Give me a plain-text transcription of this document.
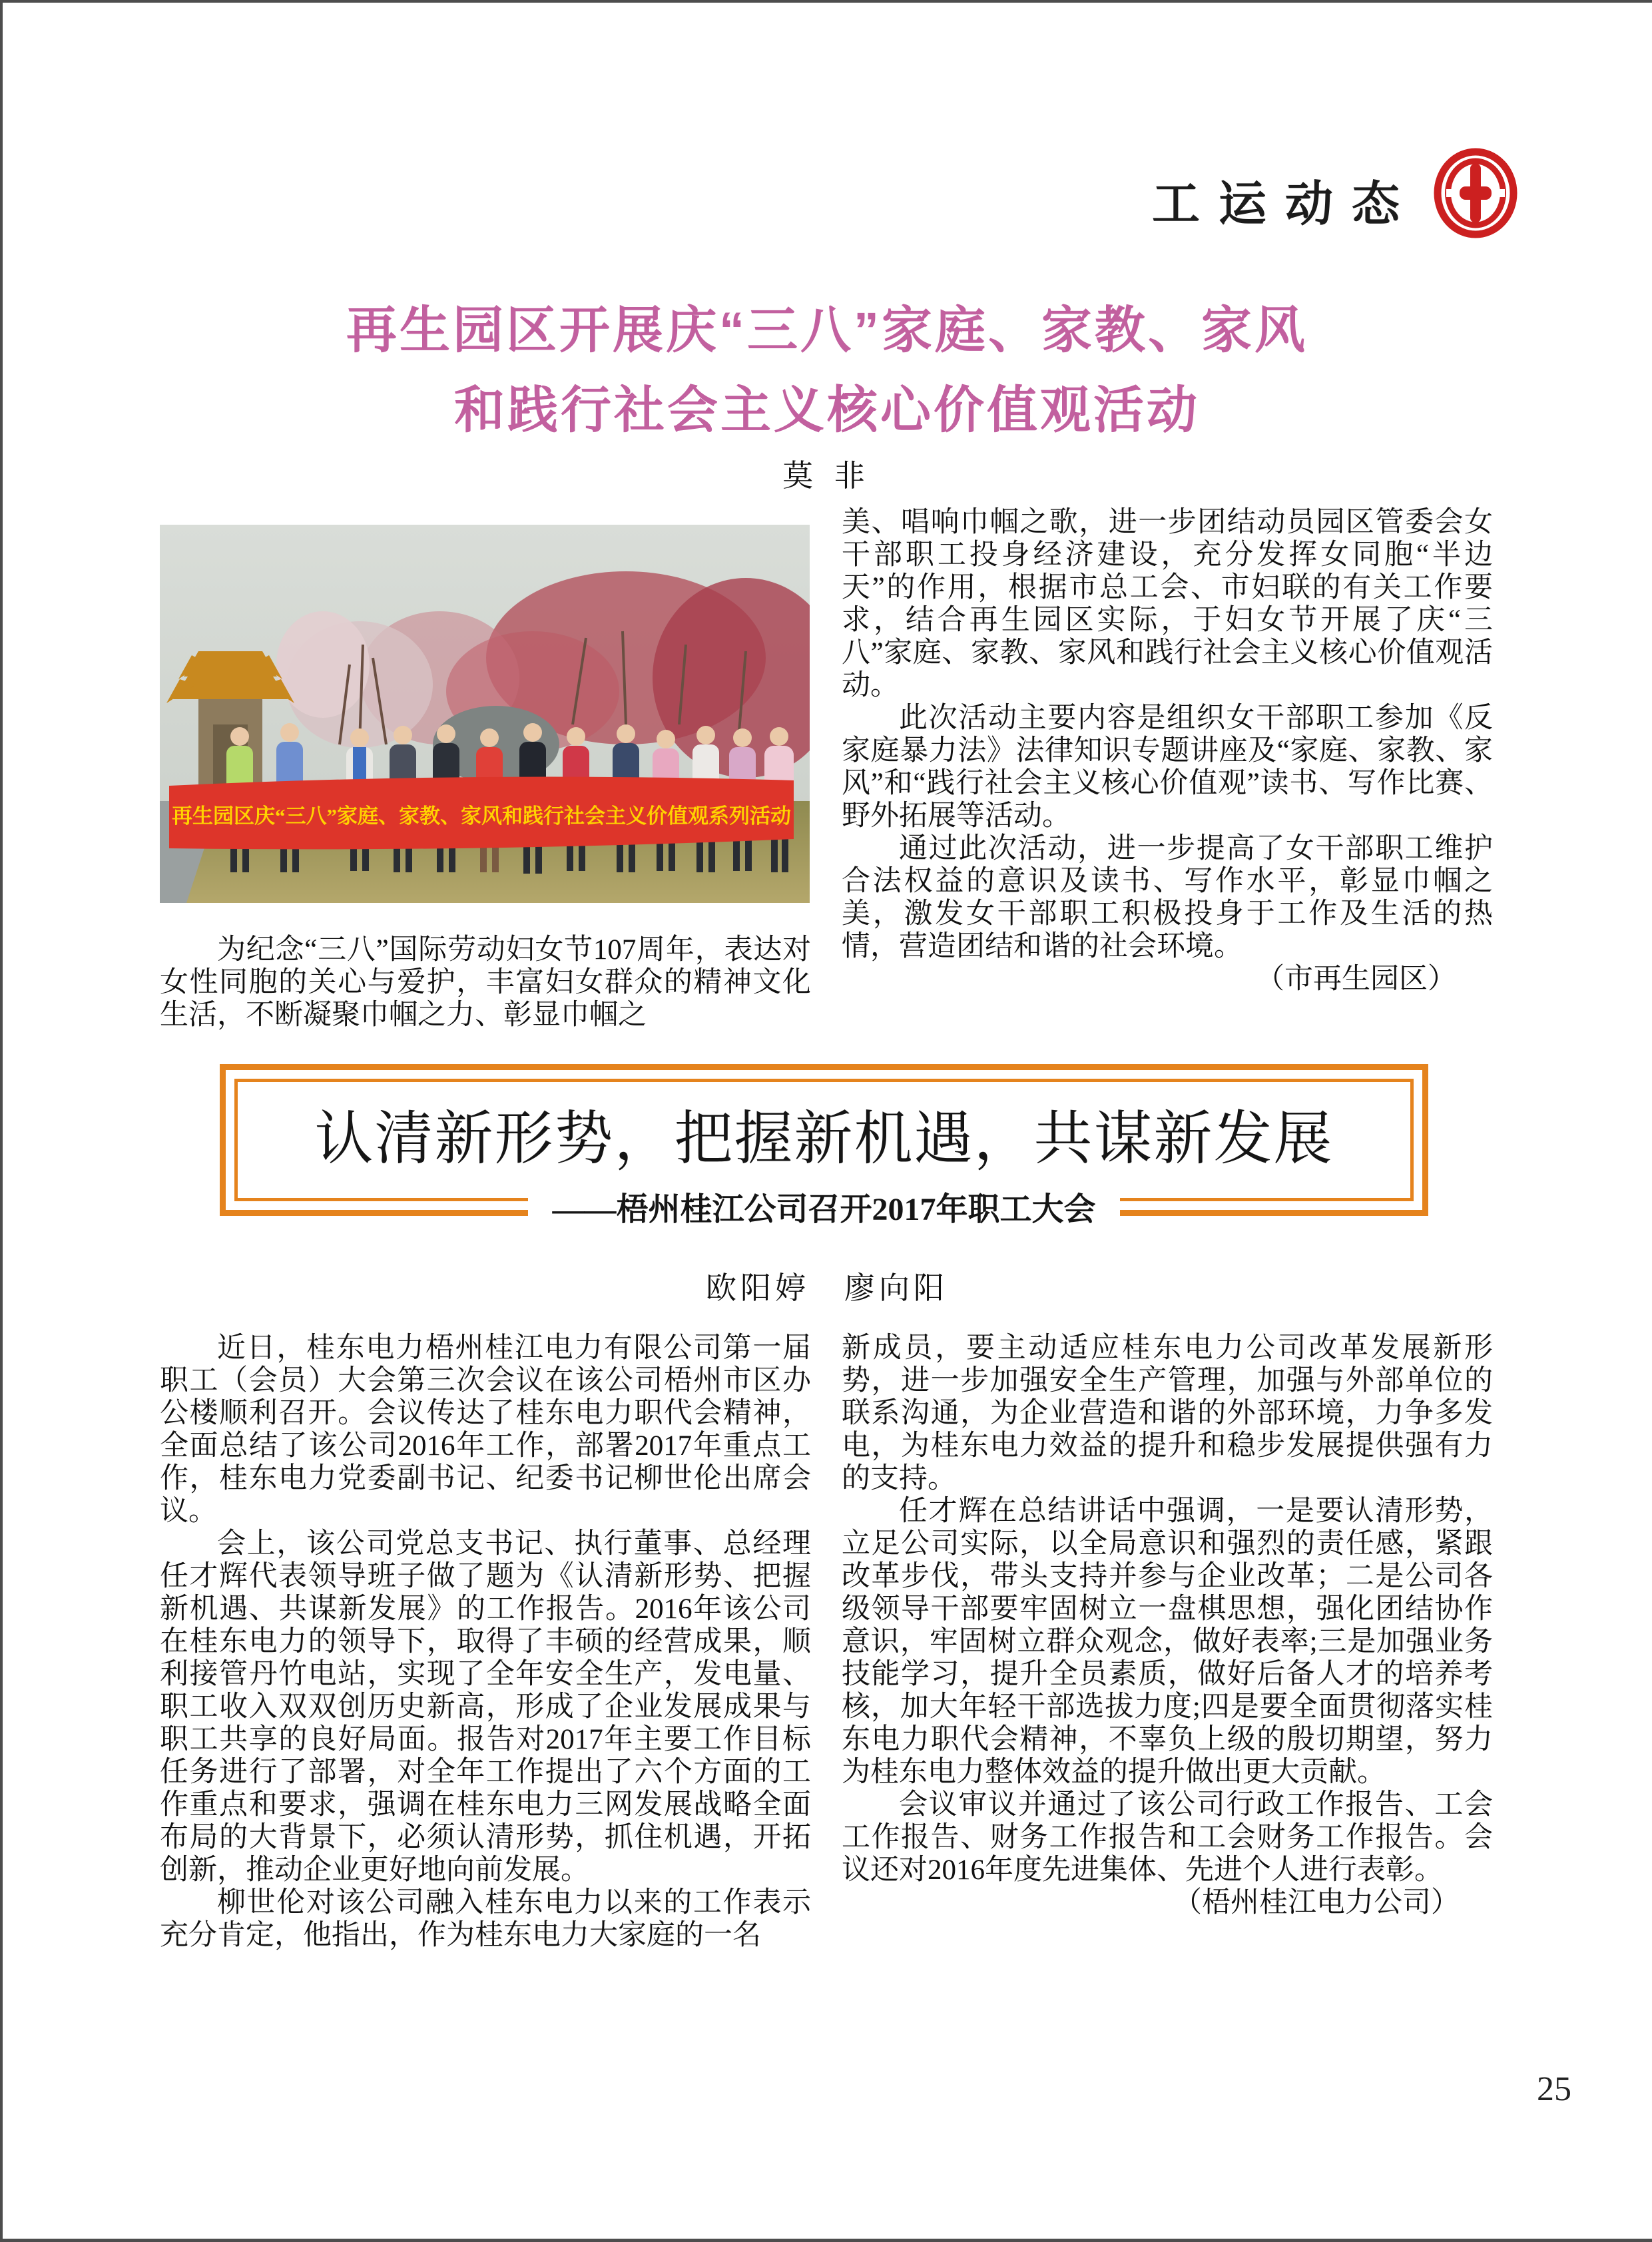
工运动态
再生园区开展庆“三八”家庭、家教、家风
和践行社会主义核心价值观活动
莫 非
再生园区庆“三八”家庭、家教、家风和践行社会主义价值观系列活动

为纪念“三八”国际劳动妇女节107周年，表达对女性同胞的关心与爱护，丰富妇女群众的精神文化生活，不断凝聚巾帼之力、彰显巾帼之

美、唱响巾帼之歌，进一步团结动员园区管委会女干部职工投身经济建设，充分发挥女同胞“半边天”的作用，根据市总工会、市妇联的有关工作要求，结合再生园区实际，于妇女节开展了庆“三八”家庭、家教、家风和践行社会主义核心价值观活动。

此次活动主要内容是组织女干部职工参加《反家庭暴力法》法律知识专题讲座及“家庭、家教、家风”和“践行社会主义核心价值观”读书、写作比赛、野外拓展等活动。

通过此次活动，进一步提高了女干部职工维护合法权益的意识及读书、写作水平，彰显巾帼之美，激发女干部职工积极投身于工作及生活的热情，营造团结和谐的社会环境。

（市再生园区）

认清新形势，把握新机遇，共谋新发展
——梧州桂江公司召开2017年职工大会
欧阳婷　廖向阳

近日，桂东电力梧州桂江电力有限公司第一届职工（会员）大会第三次会议在该公司梧州市区办公楼顺利召开。会议传达了桂东电力职代会精神，全面总结了该公司2016年工作，部署2017年重点工作，桂东电力党委副书记、纪委书记柳世伦出席会议。

会上，该公司党总支书记、执行董事、总经理任才辉代表领导班子做了题为《认清新形势、把握新机遇、共谋新发展》的工作报告。2016年该公司在桂东电力的领导下，取得了丰硕的经营成果，顺利接管丹竹电站，实现了全年安全生产，发电量、职工收入双双创历史新高，形成了企业发展成果与职工共享的良好局面。报告对2017年主要工作目标任务进行了部署，对全年工作提出了六个方面的工作重点和要求，强调在桂东电力三网发展战略全面布局的大背景下，必须认清形势，抓住机遇，开拓创新，推动企业更好地向前发展。

柳世伦对该公司融入桂东电力以来的工作表示充分肯定，他指出，作为桂东电力大家庭的一名

新成员，要主动适应桂东电力公司改革发展新形势，进一步加强安全生产管理，加强与外部单位的联系沟通，为企业营造和谐的外部环境，力争多发电，为桂东电力效益的提升和稳步发展提供强有力的支持。

任才辉在总结讲话中强调，一是要认清形势，立足公司实际，以全局意识和强烈的责任感，紧跟改革步伐，带头支持并参与企业改革；二是公司各级领导干部要牢固树立一盘棋思想，强化团结协作意识，牢固树立群众观念，做好表率;三是加强业务技能学习，提升全员素质，做好后备人才的培养考核，加大年轻干部选拔力度;四是要全面贯彻落实桂东电力职代会精神，不辜负上级的殷切期望，努力为桂东电力整体效益的提升做出更大贡献。

会议审议并通过了该公司行政工作报告、工会工作报告、财务工作报告和工会财务工作报告。会议还对2016年度先进集体、先进个人进行表彰。

（梧州桂江电力公司）

25
